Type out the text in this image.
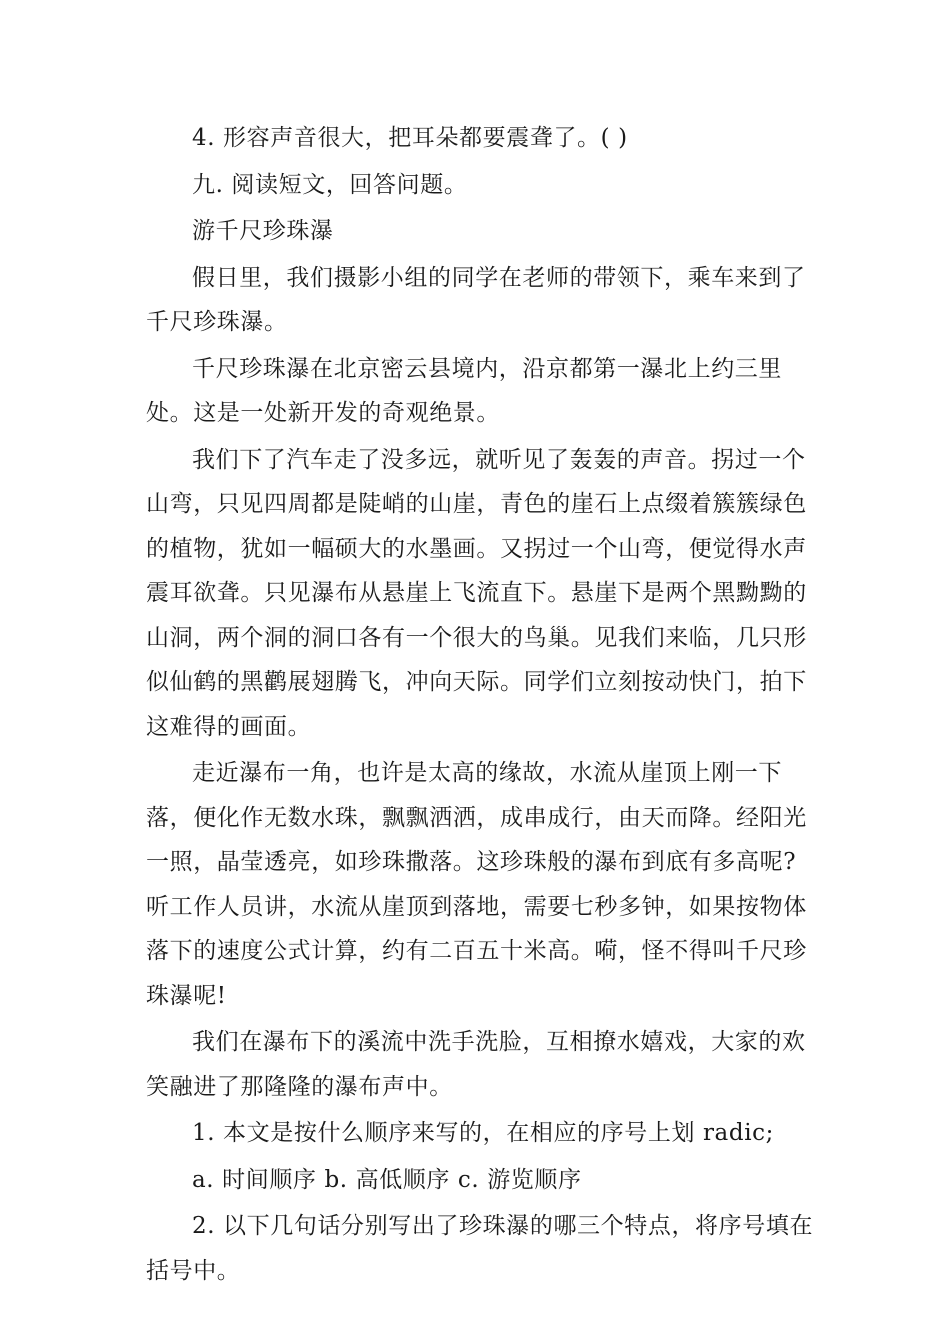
4. 形容声音很大，把耳朵都要震聋了。( )

九. 阅读短文，回答问题。

游千尺珍珠瀑

假日里，我们摄影小组的同学在老师的带领下，乘车来到了千尺珍珠瀑。

千尺珍珠瀑在北京密云县境内，沿京都第一瀑北上约三里处。这是一处新开发的奇观绝景。

我们下了汽车走了没多远，就听见了轰轰的声音。拐过一个山弯，只见四周都是陡峭的山崖，青色的崖石上点缀着簇簇绿色的植物，犹如一幅硕大的水墨画。又拐过一个山弯，便觉得水声震耳欲聋。只见瀑布从悬崖上飞流直下。悬崖下是两个黑黝黝的山洞，两个洞的洞口各有一个很大的鸟巢。见我们来临，几只形似仙鹤的黑鹳展翅腾飞，冲向天际。同学们立刻按动快门，拍下这难得的画面。

走近瀑布一角，也许是太高的缘故，水流从崖顶上刚一下落，便化作无数水珠，飘飘洒洒，成串成行，由天而降。经阳光一照，晶莹透亮，如珍珠撒落。这珍珠般的瀑布到底有多高呢?听工作人员讲，水流从崖顶到落地，需要七秒多钟，如果按物体落下的速度公式计算，约有二百五十米高。嗬，怪不得叫千尺珍珠瀑呢!

我们在瀑布下的溪流中洗手洗脸，互相撩水嬉戏，大家的欢笑融进了那隆隆的瀑布声中。

1. 本文是按什么顺序来写的，在相应的序号上划 radic;

a. 时间顺序 b. 高低顺序 c. 游览顺序

2. 以下几句话分别写出了珍珠瀑的哪三个特点，将序号填在括号中。
